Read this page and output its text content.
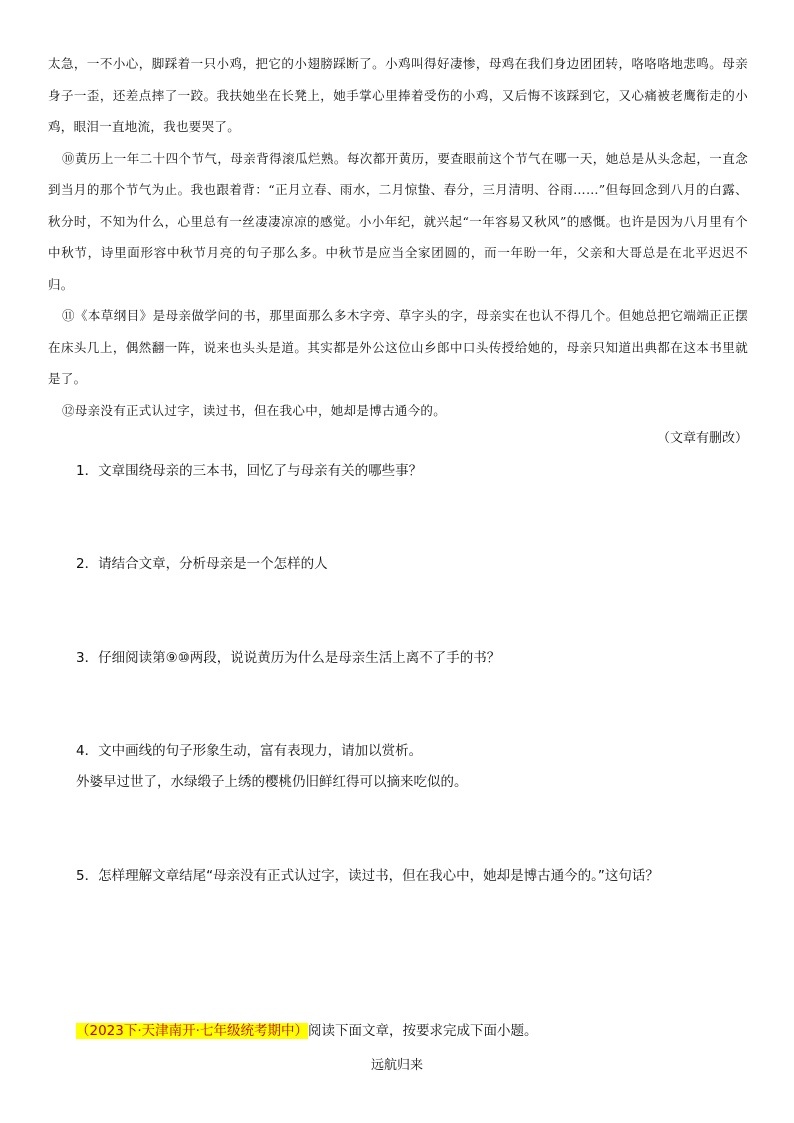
太急，一不小心，脚踩着一只小鸡，把它的小翅膀踩断了。小鸡叫得好凄惨，母鸡在我们身边团团转，咯咯咯地悲鸣。母亲身子一歪，还差点摔了一跤。我扶她坐在长凳上，她手掌心里捧着受伤的小鸡，又后悔不该踩到它，又心痛被老鹰衔走的小鸡，眼泪一直地流，我也要哭了。

⑩黄历上一年二十四个节气，母亲背得滚瓜烂熟。每次都开黄历，要查眼前这个节气在哪一天，她总是从头念起，一直念到当月的那个节气为止。我也跟着背：“正月立春、雨水，二月惊蛰、春分，三月清明、谷雨……”但每回念到八月的白露、秋分时，不知为什么，心里总有一丝凄凄凉凉的感觉。小小年纪，就兴起“一年容易又秋风”的感慨。也许是因为八月里有个中秋节，诗里面形容中秋节月亮的句子那么多。中秋节是应当全家团圆的，而一年盼一年，父亲和大哥总是在北平迟迟不归。

⑪《本草纲目》是母亲做学问的书，那里面那么多木字旁、草字头的字，母亲实在也认不得几个。但她总把它端端正正摆在床头几上，偶然翻一阵，说来也头头是道。其实都是外公这位山乡郎中口头传授给她的，母亲只知道出典都在这本书里就是了。

⑫母亲没有正式认过字，读过书，但在我心中，她却是博古通今的。

（文章有删改）
1．文章围绕母亲的三本书，回忆了与母亲有关的哪些事？
2．请结合文章，分析母亲是一个怎样的人
3．仔细阅读第⑨⑩两段，说说黄历为什么是母亲生活上离不了手的书？
4．文中画线的句子形象生动，富有表现力，请加以赏析。
外婆早过世了，水绿缎子上绣的樱桃仍旧鲜红得可以摘来吃似的。
5．怎样理解文章结尾“母亲没有正式认过字，读过书，但在我心中，她却是博古通今的。”这句话？
（2023下·天津南开·七年级统考期中）阅读下面文章，按要求完成下面小题。
远航归来
